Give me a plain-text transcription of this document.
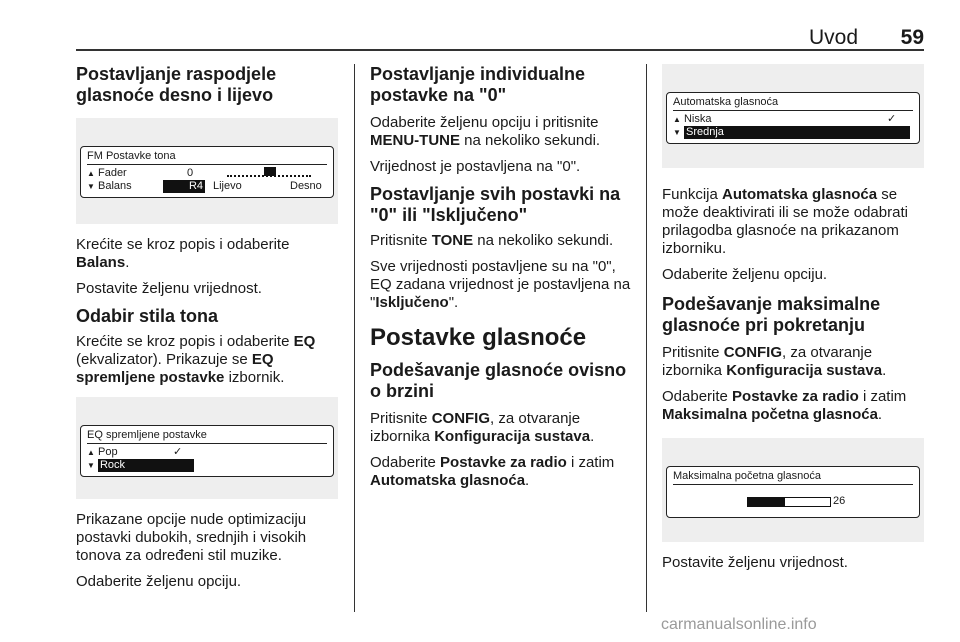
Uvod 59
Postavljanje raspodjele glasnoće desno i lijevo
FM Postavke tona
▲ Fader	0
▼ Balans	R4 Lijevo	Desno

Krećite se kroz popis i odaberite Balans.

Postavite željenu vrijednost.

Odabir stila tona

Krećite se kroz popis i odaberite EQ (ekvalizator). Prikazuje se EQ spremljene postavke izbornik.

EQ spremljene postavke
▲ Pop	✓
▼ Rock

Prikazane opcije nude optimizaciju postavki dubokih, srednjih i visokih tonova za određeni stil muzike.

Odaberite željenu opciju.

Postavljanje individualne postavke na "0"

Odaberite željenu opciju i pritisnite MENU-TUNE na nekoliko sekundi.

Vrijednost je postavljena na "0".

Postavljanje svih postavki na "0" ili "Isključeno"

Pritisnite TONE na nekoliko sekundi.

Sve vrijednosti postavljene su na "0", EQ zadana vrijednost je postavljena na "Isključeno".

Postavke glasnoće
Podešavanje glasnoće ovisno o brzini

Pritisnite CONFIG, za otvaranje izbornika Konfiguracija sustava.

Odaberite Postavke za radio i zatim Automatska glasnoća.

Automatska glasnoća
▲ Niska	✓
▼ Srednja

Funkcija Automatska glasnoća se može deaktivirati ili se može odabrati prilagodba glasnoće na prikazanom izborniku.

Odaberite željenu opciju.

Podešavanje maksimalne glasnoće pri pokretanju

Pritisnite CONFIG, za otvaranje izbornika Konfiguracija sustava.

Odaberite Postavke za radio i zatim Maksimalna početna glasnoća.

Maksimalna početna glasnoća
26

Postavite željenu vrijednost.

carmanualsonline.info
